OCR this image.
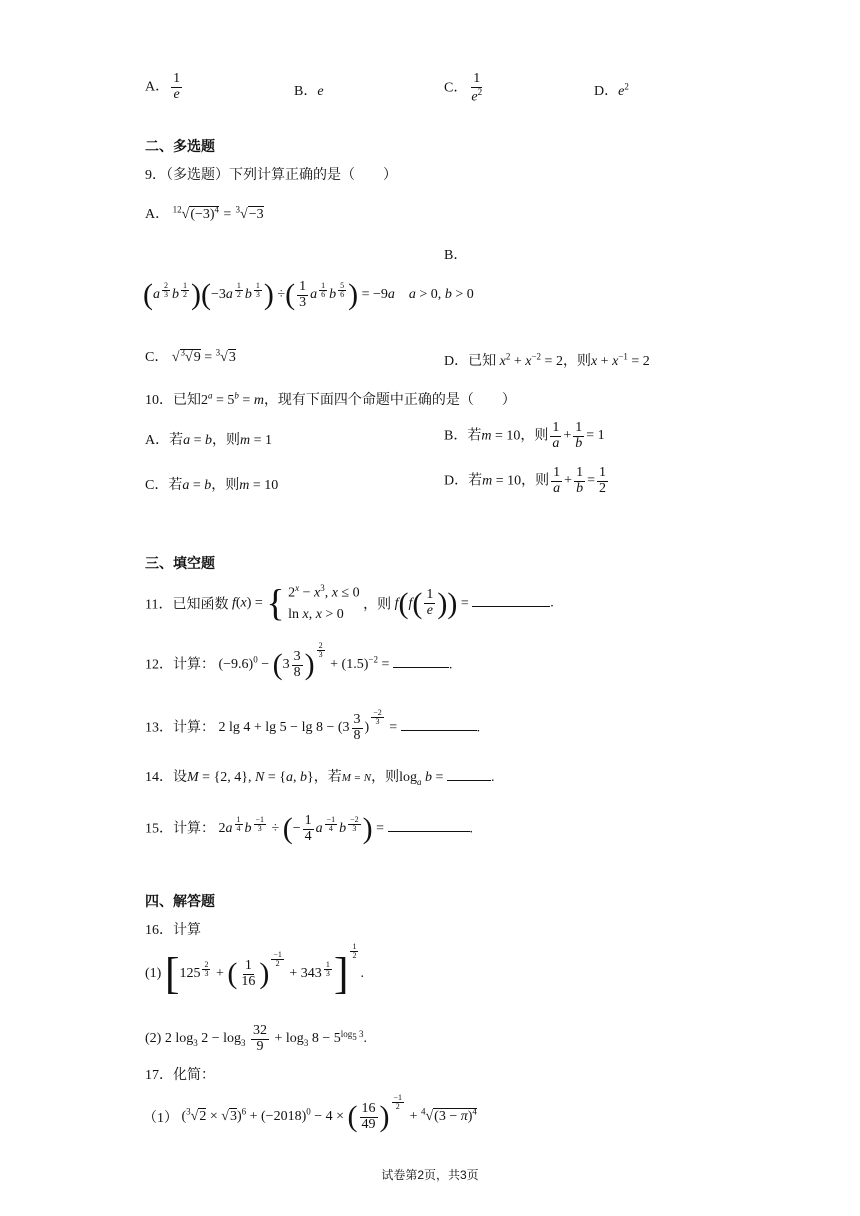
A． $\frac{1}{e}$	B．e	C． $\frac{1}{e^2}$	D．$e^2$
二、多选题
9．（多选题）下列计算正确的是（　　）
A． $^{12}√(-3)^4 = ^3√-3$
B．
(a $^{\frac{2}{3}}$ b $^{\frac{1}{2}}$ )(−3a $^{\frac{1}{2}}$ b $^{\frac{1}{3}}$ ) ÷( $\frac{1}{3}$ a $^{\frac{1}{6}}$ b $^{\frac{5}{6}}$ ) = −9a    a > 0, b > 0
C． √$^3$√9 = $^3$√3	D．已知 $x^2 + x^{-2} = 2$，则$x + x^{-1} = 2$
10．已知$2^a = 5^b = m$，现有下面四个命题中正确的是（　　）
A．若a = b，则m = 1	B．若m = 10，则 $\frac{1}{a} + \frac{1}{b} = 1$
C．若a = b，则m = 10	D．若m = 10，则 $\frac{1}{a} + \frac{1}{b} = \frac{1}{2}$
三、填空题
11．已知函数 f(x) = { $2^x - x^3$, x ≤ 0
ln x, x > 0
，则 $f(f( \frac{1}{e}$ )) =	.
12．计算： $(-9.6)^0 - (3 \frac{3}{8}$ ) $^{\frac{2}{3}}$
+ $(1.5)^{-2}$ =	.
13．计算： 2 $\lg 4 + \lg 5 - \lg 8 - (3 \frac{3}{8}$ )
$^{\frac{-2}{3}}$
=	.
14．设M = {2, 4}, N = {a, b}，若M = N，则$\log_a b$ =	.
15．计算： 2a $^{\frac{1}{4}}$ b $^{\frac{-1}{3}}$ ÷ (− $\frac{1}{4}$ a $^{\frac{-1}{4}}$ b $^{\frac{-2}{3}}$ ) =	.
四、解答题
16．计算
(1) [125 $^{\frac{2}{3}}$ + ( $\frac{1}{16}$ ) $^{\frac{-1}{2}}$
+ 343 $^{\frac{1}{3}}$ ] $^{\frac{1}{2}}$
.
(2) 2 $\log_3 2 - \log_3 \frac{32}{9} + \log_3 8 - 5^{log_5 3}$.
17．化简：
（1） $(^3√2 \times √3)^6 + (-2018)^0 - 4$ × ( $\frac{16}{49}$ ) $^{\frac{-1}{2}}$
+ $^4√(3 - \pi)^4$
试卷第2页，共3页
